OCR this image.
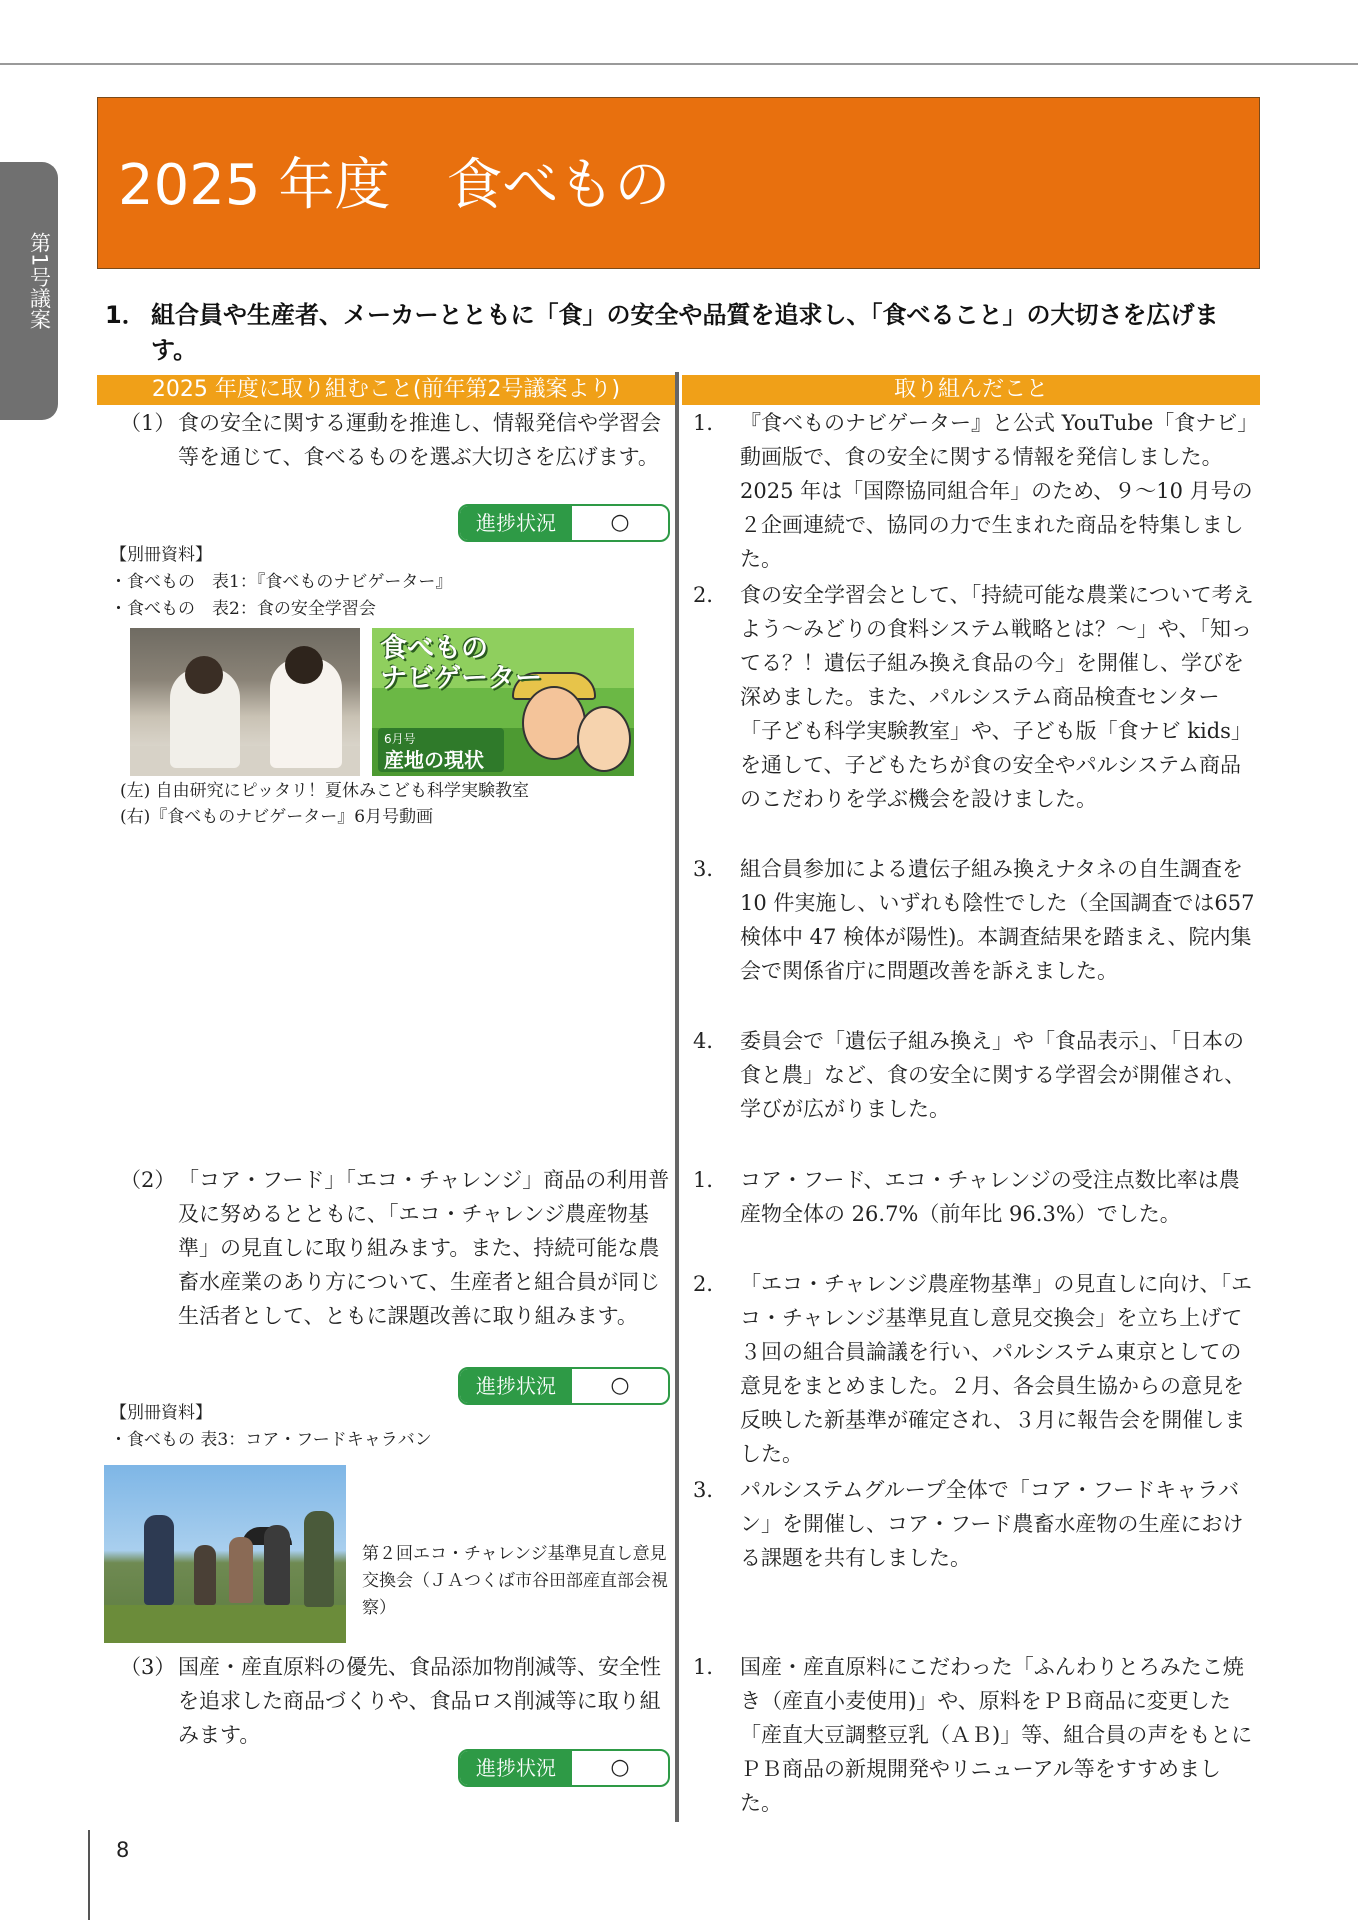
第1号議案
2025 年度　食べもの
1． 組合員や生産者、メーカーとともに「食」の安全や品質を追求し、「食べること」の大切さを広げます。
2025 年度に取り組むこと(前年第2号議案より)	取り組んだこと
（1） 食の安全に関する運動を推進し、情報発信や学習会等を通じて、食べるものを選ぶ大切さを広げます。
進捗状況	○
【別冊資料】
・食べもの　表1：『食べものナビゲーター』
・食べもの　表2：食の安全学習会
食べもの
ナビゲーター
6月号
産地の現状
(左) 自由研究にピッタリ！夏休みこども科学実験教室
(右)『食べものナビゲーター』6月号動画
1． 『食べものナビゲーター』と公式 YouTube「食ナビ」動画版で、食の安全に関する情報を発信しました。2025 年は「国際協同組合年」のため、９～10 月号の２企画連続で、協同の力で生まれた商品を特集しました。
2． 食の安全学習会として、「持続可能な農業について考えよう～みどりの食料システム戦略とは？～」や、「知ってる？！遺伝子組み換え食品の今」を開催し、学びを深めました。また、パルシステム商品検査センター「子ども科学実験教室」や、子ども版「食ナビ kids」を通して、子どもたちが食の安全やパルシステム商品のこだわりを学ぶ機会を設けました。
3． 組合員参加による遺伝子組み換えナタネの自生調査を 10 件実施し、いずれも陰性でした（全国調査では657 検体中 47 検体が陽性)。本調査結果を踏まえ、院内集会で関係省庁に問題改善を訴えました。
4． 委員会で「遺伝子組み換え」や「食品表示」、「日本の食と農」など、食の安全に関する学習会が開催され、学びが広がりました。
（2） 「コア・フード」「エコ・チャレンジ」商品の利用普及に努めるとともに、「エコ・チャレンジ農産物基準」の見直しに取り組みます。また、持続可能な農畜水産業のあり方について、生産者と組合員が同じ生活者として、ともに課題改善に取り組みます。
進捗状況	○
【別冊資料】
・食べもの 表3：コア・フードキャラバン
第２回エコ・チャレンジ基準見直し意見交換会（ＪＡつくば市谷田部産直部会視察）
1． コア・フード、エコ・チャレンジの受注点数比率は農産物全体の 26.7%（前年比 96.3%）でした。
2． 「エコ・チャレンジ農産物基準」の見直しに向け、「エコ・チャレンジ基準見直し意見交換会」を立ち上げて３回の組合員論議を行い、パルシステム東京としての意見をまとめました。２月、各会員生協からの意見を反映した新基準が確定され、３月に報告会を開催しました。
3． パルシステムグループ全体で「コア・フードキャラバン」を開催し、コア・フード農畜水産物の生産における課題を共有しました。
（3） 国産・産直原料の優先、食品添加物削減等、安全性を追求した商品づくりや、食品ロス削減等に取り組みます。
進捗状況	○
1． 国産・産直原料にこだわった「ふんわりとろみたこ焼き（産直小麦使用)」や、原料をＰＢ商品に変更した「産直大豆調整豆乳（ＡＢ)」等、組合員の声をもとにＰＢ商品の新規開発やリニューアル等をすすめました。
8
